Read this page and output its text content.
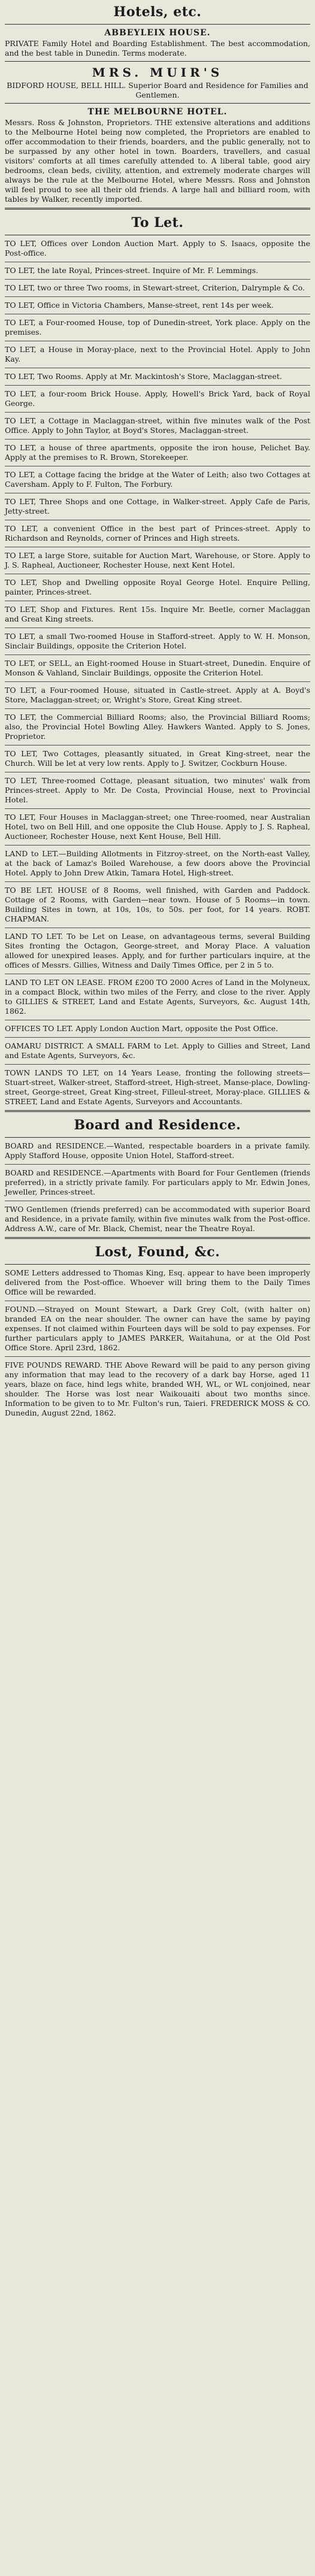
Hotels, etc.
ABBEYLEIX HOUSE.

PRIVATE Family Hotel and Boarding Establishment. The best accommodation, and the best table in Dunedin. Terms moderate.

MRS. MUIR'S

BIDFORD HOUSE, BELL HILL. Superior Board and Residence for Families and Gentlemen.

THE MELBOURNE HOTEL.

Messrs. Ross & Johnston, Proprietors. THE extensive alterations and additions to the Melbourne Hotel being now completed, the Proprietors are enabled to offer accommodation to their friends, boarders, and the public generally, not to be surpassed by any other hotel in town. Boarders, travellers, and casual visitors' comforts at all times carefully attended to. A liberal table, good airy bedrooms, clean beds, civility, attention, and extremely moderate charges will always be the rule at the Melbourne Hotel, where Messrs. Ross and Johnston will feel proud to see all their old friends. A large hall and billiard room, with tables by Walker, recently imported.

To Let.

TO LET, Offices over London Auction Mart. Apply to S. Isaacs, opposite the Post-office.

TO LET, the late Royal, Princes-street. Inquire of Mr. F. Lemmings.

TO LET, two or three Two rooms, in Stewart-street, Criterion, Dalrymple & Co.

TO LET, Office in Victoria Chambers, Manse-street, rent 14s per week.

TO LET, a Four-roomed House, top of Dunedin-street, York place. Apply on the premises.

TO LET, a House in Moray-place, next to the Provincial Hotel. Apply to John Kay.

TO LET, Two Rooms. Apply at Mr. Mackintosh's Store, Maclaggan-street.

TO LET, a four-room Brick House. Apply, Howell's Brick Yard, back of Royal George.

TO LET, a Cottage in Maclaggan-street, within five minutes walk of the Post Office. Apply to John Taylor, at Boyd's Stores, Maclaggan-street.

TO LET, a house of three apartments, opposite the iron house, Pelichet Bay. Apply at the premises to R. Brown, Storekeeper.

TO LET, a Cottage facing the bridge at the Water of Leith; also two Cottages at Caversham. Apply to F. Fulton, The Forbury.

TO LET, Three Shops and one Cottage, in Walker-street. Apply Cafe de Paris, Jetty-street.

TO LET, a convenient Office in the best part of Princes-street. Apply to Richardson and Reynolds, corner of Princes and High streets.

TO LET, a large Store, suitable for Auction Mart, Warehouse, or Store. Apply to J. S. Rapheal, Auctioneer, Rochester House, next Kent Hotel.

TO LET, Shop and Dwelling opposite Royal George Hotel. Enquire Pelling, painter, Princes-street.

TO LET, Shop and Fixtures. Rent 15s. Inquire Mr. Beetle, corner Maclaggan and Great King streets.

TO LET, a small Two-roomed House in Stafford-street. Apply to W. H. Monson, Sinclair Buildings, opposite the Criterion Hotel.

TO LET, or SELL, an Eight-roomed House in Stuart-street, Dunedin. Enquire of Monson & Vahland, Sinclair Buildings, opposite the Criterion Hotel.

TO LET, a Four-roomed House, situated in Castle-street. Apply at A. Boyd's Store, Maclaggan-street; or, Wright's Store, Great King street.

TO LET, the Commercial Billiard Rooms; also, the Provincial Billiard Rooms; also, the Provincial Hotel Bowling Alley. Hawkers Wanted. Apply to S. Jones, Proprietor.

TO LET, Two Cottages, pleasantly situated, in Great King-street, near the Church. Will be let at very low rents. Apply to J. Switzer, Cockburn House.

TO LET, Three-roomed Cottage, pleasant situation, two minutes' walk from Princes-street. Apply to Mr. De Costa, Provincial House, next to Provincial Hotel.

TO LET, Four Houses in Maclaggan-street; one Three-roomed, near Australian Hotel, two on Bell Hill, and one opposite the Club House. Apply to J. S. Rapheal, Auctioneer, Rochester House, next Kent House, Bell Hill.

LAND to LET.—Building Allotments in Fitzroy-street, on the North-east Valley, at the back of Lamaz's Boiled Warehouse, a few doors above the Provincial Hotel. Apply to John Drew Atkin, Tamara Hotel, High-street.

TO BE LET. HOUSE of 8 Rooms, well finished, with Garden and Paddock. Cottage of 2 Rooms, with Garden—near town. House of 5 Rooms—in town. Building Sites in town, at 10s, 10s, to 50s. per foot, for 14 years. ROBT. CHAPMAN.

LAND TO LET. To be Let on Lease, on advantageous terms, several Building Sites fronting the Octagon, George-street, and Moray Place. A valuation allowed for unexpired leases. Apply, and for further particulars inquire, at the offices of Messrs. Gillies, Witness and Daily Times Office, per 2 in 5 to.

LAND TO LET ON LEASE. FROM £200 TO 2000 Acres of Land in the Molyneux, in a compact Block, within two miles of the Ferry, and close to the river. Apply to GILLIES & STREET, Land and Estate Agents, Surveyors, &c. August 14th, 1862.

OFFICES TO LET. Apply London Auction Mart, opposite the Post Office.

OAMARU DISTRICT. A SMALL FARM to Let. Apply to Gillies and Street, Land and Estate Agents, Surveyors, &c.

TOWN LANDS TO LET, on 14 Years Lease, fronting the following streets— Stuart-street, Walker-street, Stafford-street, High-street, Manse-place, Dowling-street, George-street, Great King-street, Filleul-street, Moray-place. GILLIES & STREET, Land and Estate Agents, Surveyors and Accountants.

Board and Residence.

BOARD and RESIDENCE.—Wanted, respectable boarders in a private family. Apply Stafford House, opposite Union Hotel, Stafford-street.

BOARD and RESIDENCE.—Apartments with Board for Four Gentlemen (friends preferred), in a strictly private family. For particulars apply to Mr. Edwin Jones, Jeweller, Princes-street.

TWO Gentlemen (friends preferred) can be accommodated with superior Board and Residence, in a private family, within five minutes walk from the Post-office. Address A.W., care of Mr. Black, Chemist, near the Theatre Royal.

Lost, Found, &c.

SOME Letters addressed to Thomas King, Esq. appear to have been improperly delivered from the Post-office. Whoever will bring them to the Daily Times Office will be rewarded.

FOUND.—Strayed on Mount Stewart, a Dark Grey Colt, (with halter on) branded EA on the near shoulder. The owner can have the same by paying expenses. If not claimed within Fourteen days will be sold to pay expenses. For further particulars apply to JAMES PARKER, Waitahuna, or at the Old Post Office Store. April 23rd, 1862.

FIVE POUNDS REWARD. THE Above Reward will be paid to any person giving any information that may lead to the recovery of a dark bay Horse, aged 11 years, blaze on face, hind legs white, branded WH, WL, or WL conjoined, near shoulder. The Horse was lost near Waikouaiti about two months since. Information to be given to to Mr. Fulton's run, Taieri. FREDERICK MOSS & CO. Dunedin, August 22nd, 1862.
